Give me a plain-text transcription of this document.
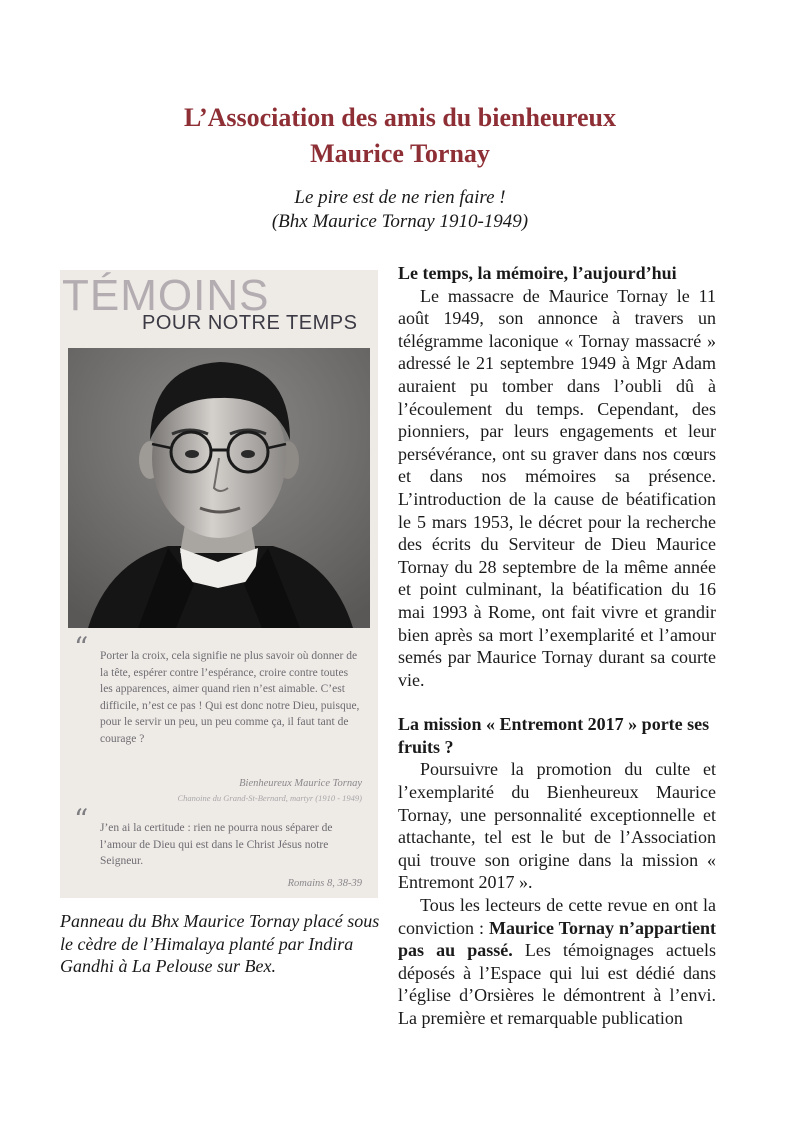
L’Association des amis du bienheureux
Maurice Tornay
Le pire est de ne rien faire !
(Bhx Maurice Tornay 1910-1949)
TÉMOINS
POUR NOTRE TEMPS
“ Porter la croix, cela signifie ne plus savoir où donner de la tête, espérer contre l’espérance, croire contre toutes les apparences, aimer quand rien n’est aimable. C’est difficile, n’est ce pas ! Qui est donc notre Dieu, puisque, pour le servir un peu, un peu comme ça, il faut tant de courage ?
Bienheureux Maurice Tornay
Chanoine du Grand-St-Bernard, martyr (1910 - 1949)
“ J’en ai la certitude : rien ne pourra nous séparer de l’amour de Dieu qui est dans le Christ Jésus notre Seigneur.
Romains 8, 38-39
Panneau du Bhx Maurice Tornay placé sous le cèdre de l’Himalaya planté par Indira Gandhi à La Pelouse sur Bex.
Le temps, la mémoire, l’aujourd’hui

Le massacre de Maurice Tornay le 11 août 1949, son annonce à travers un télégramme laconique « Tornay massacré » adressé le 21 septembre 1949 à Mgr Adam auraient pu tomber dans l’oubli dû à l’écoulement du temps. Cependant, des pionniers, par leurs engagements et leur persévérance, ont su graver dans nos cœurs et dans nos mémoires sa présence. L’introduction de la cause de béatification le 5 mars 1953, le décret pour la recherche des écrits du Serviteur de Dieu Maurice Tornay du 28 septembre de la même année et point culminant, la béatification du 16 mai 1993 à Rome, ont fait vivre et grandir bien après sa mort l’exemplarité et l’amour semés par Maurice Tornay durant sa courte vie.

La mission « Entremont 2017 » porte ses fruits ?

Poursuivre la promotion du culte et l’exemplarité du Bienheureux Maurice Tornay, une personnalité exceptionnelle et attachante, tel est le but de l’Association qui trouve son origine dans la mission « Entremont 2017 ».

Tous les lecteurs de cette revue en ont la conviction : Maurice Tornay n’appartient pas au passé. Les témoignages actuels déposés à l’Espace qui lui est dédié dans l’église d’Orsières le démontrent à l’envi. La première et remarquable publication
